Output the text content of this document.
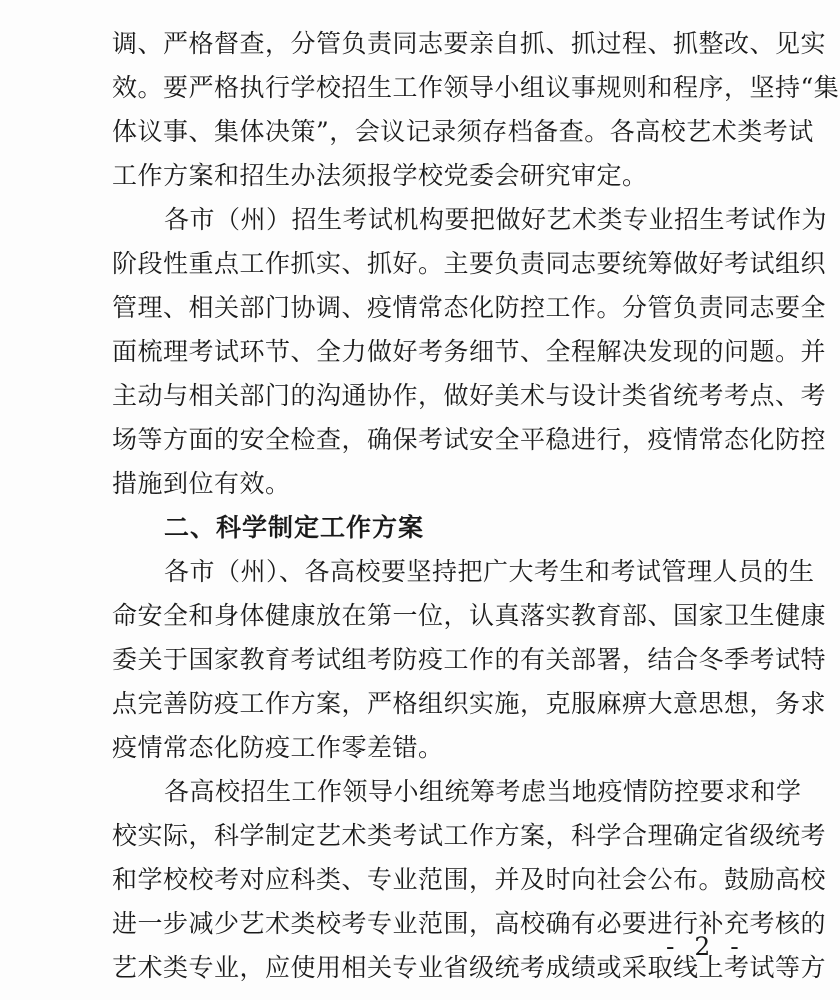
调、严格督查，分管负责同志要亲自抓、抓过程、抓整改、见实
效。要严格执行学校招生工作领导小组议事规则和程序，坚持“集
体议事、集体决策”，会议记录须存档备查。各高校艺术类考试
工作方案和招生办法须报学校党委会研究审定。
各市（州）招生考试机构要把做好艺术类专业招生考试作为
阶段性重点工作抓实、抓好。主要负责同志要统筹做好考试组织
管理、相关部门协调、疫情常态化防控工作。分管负责同志要全
面梳理考试环节、全力做好考务细节、全程解决发现的问题。并
主动与相关部门的沟通协作，做好美术与设计类省统考考点、考
场等方面的安全检查，确保考试安全平稳进行，疫情常态化防控
措施到位有效。
二、科学制定工作方案
各市（州）、各高校要坚持把广大考生和考试管理人员的生
命安全和身体健康放在第一位，认真落实教育部、国家卫生健康
委关于国家教育考试组考防疫工作的有关部署，结合冬季考试特
点完善防疫工作方案，严格组织实施，克服麻痹大意思想，务求
疫情常态化防疫工作零差错。
各高校招生工作领导小组统筹考虑当地疫情防控要求和学
校实际，科学制定艺术类考试工作方案，科学合理确定省级统考
和学校校考对应科类、专业范围，并及时向社会公布。鼓励高校
进一步减少艺术类校考专业范围，高校确有必要进行补充考核的
艺术类专业，应使用相关专业省级统考成绩或采取线上考试等方
- 2 -
